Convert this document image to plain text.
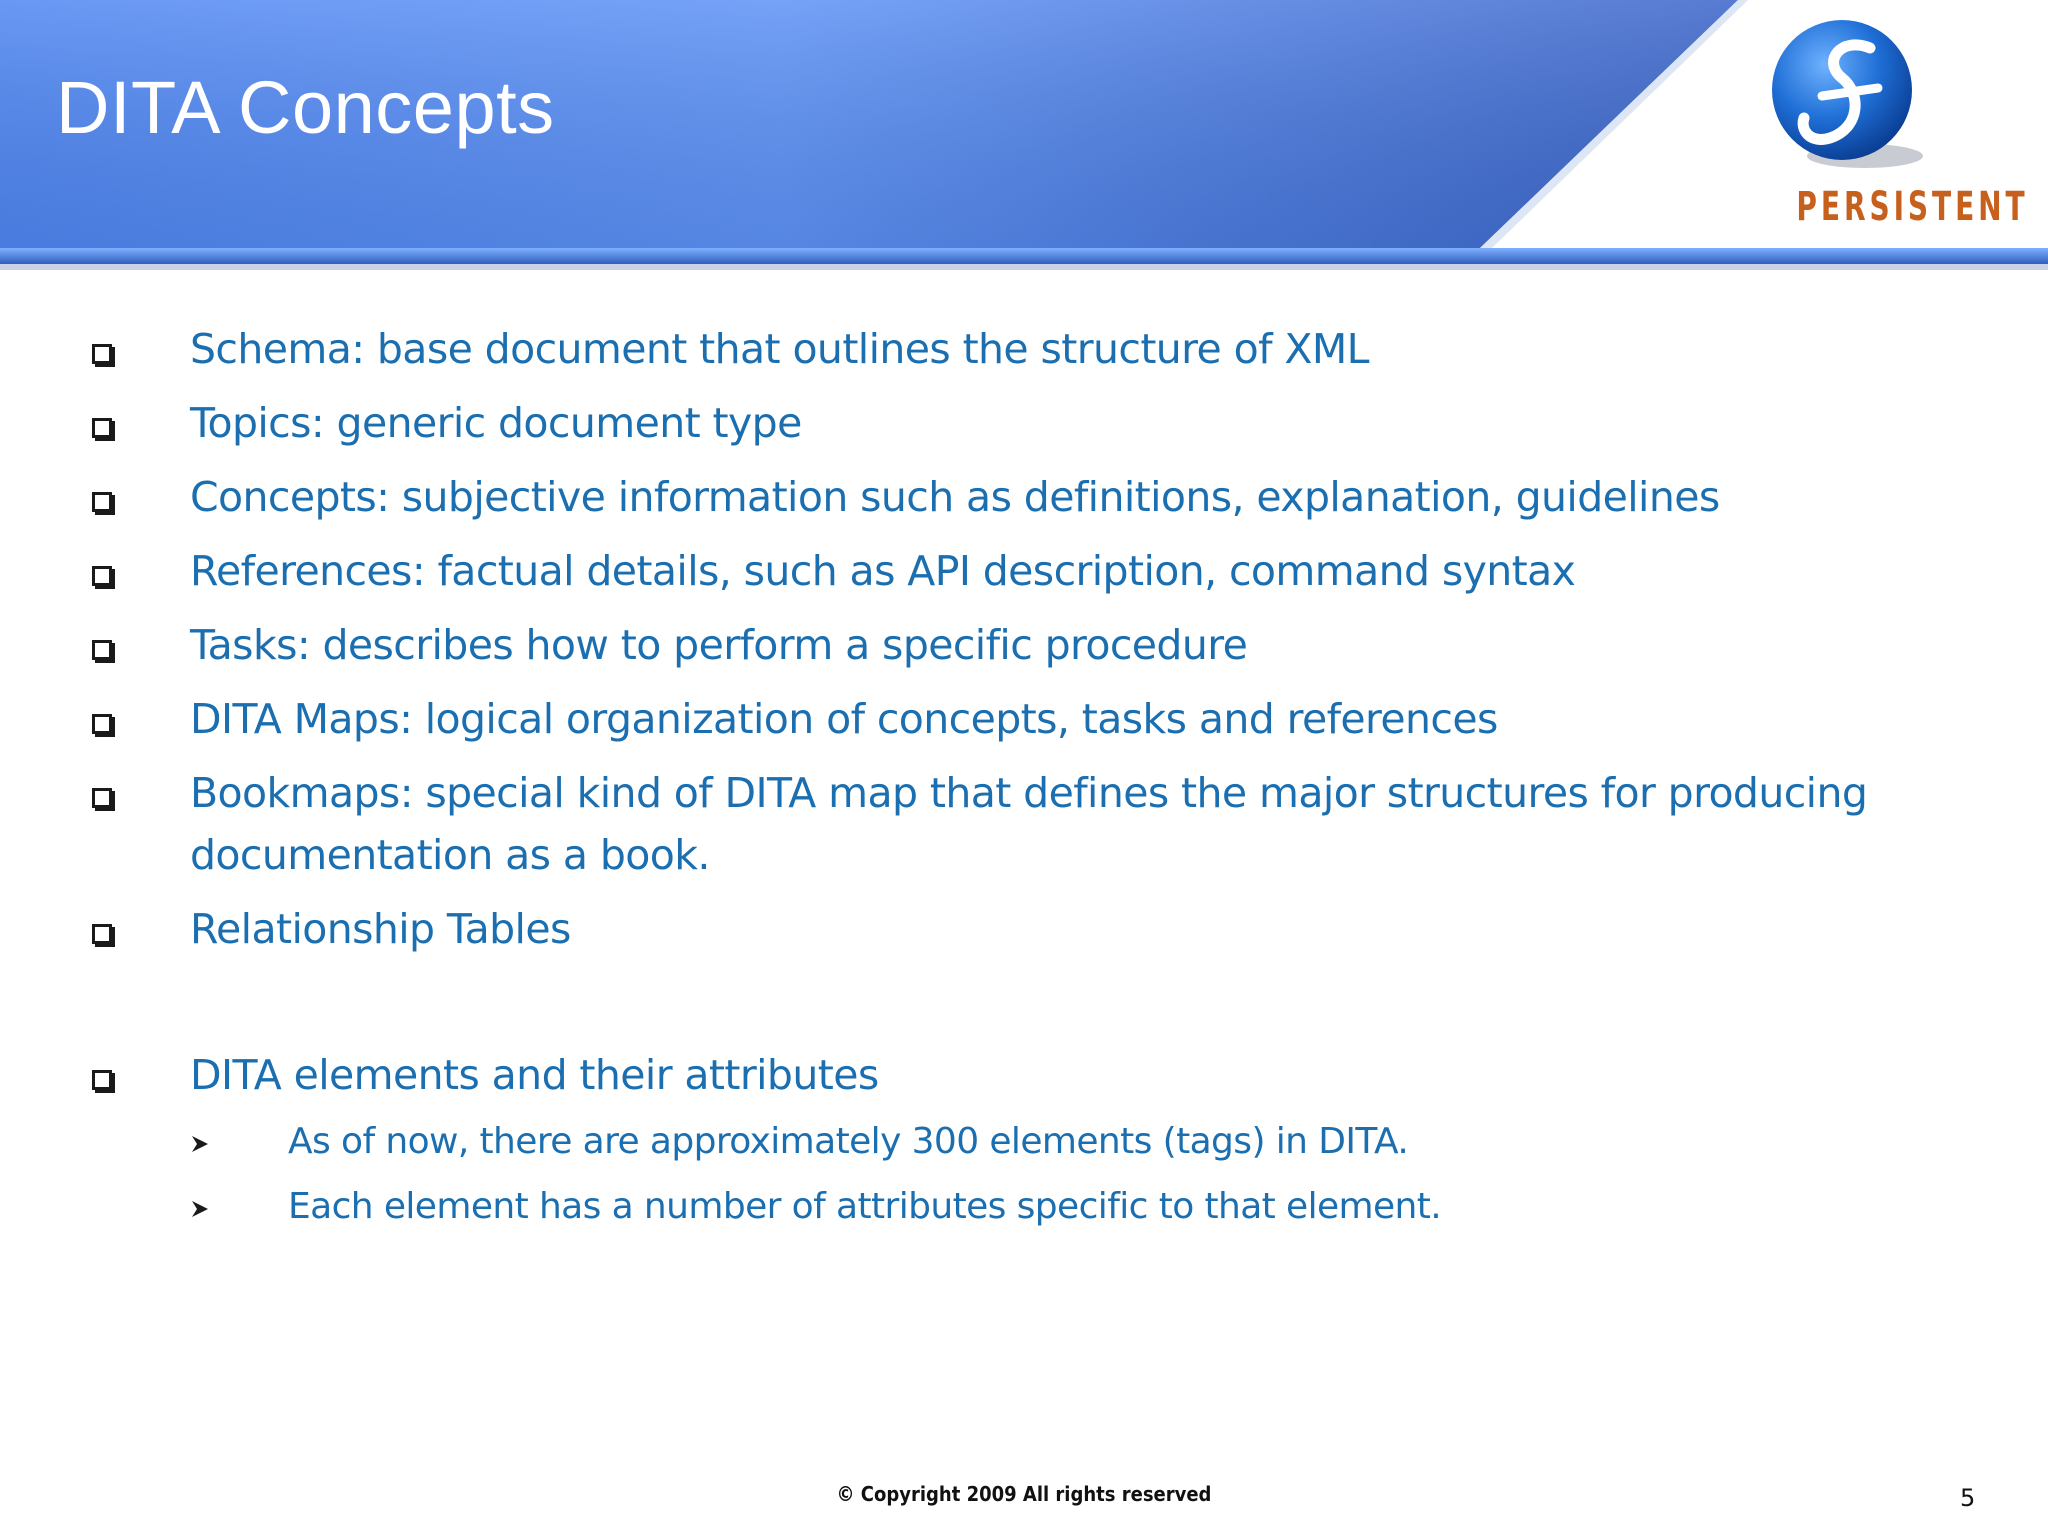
DITA Concepts
PERSISTENT
Schema: base document that outlines the structure of XML
Topics: generic document type
Concepts: subjective information such as definitions, explanation, guidelines
References: factual details, such as API description, command syntax
Tasks: describes how to perform a specific procedure
DITA Maps: logical organization of concepts, tasks and references
Bookmaps: special kind of DITA map that defines the major structures for producing documentation as a book.
Relationship Tables
DITA elements and their attributes
As of now, there are approximately 300 elements (tags) in DITA.
Each element has a number of attributes specific to that element.
© Copyright 2009 All rights reserved	5
